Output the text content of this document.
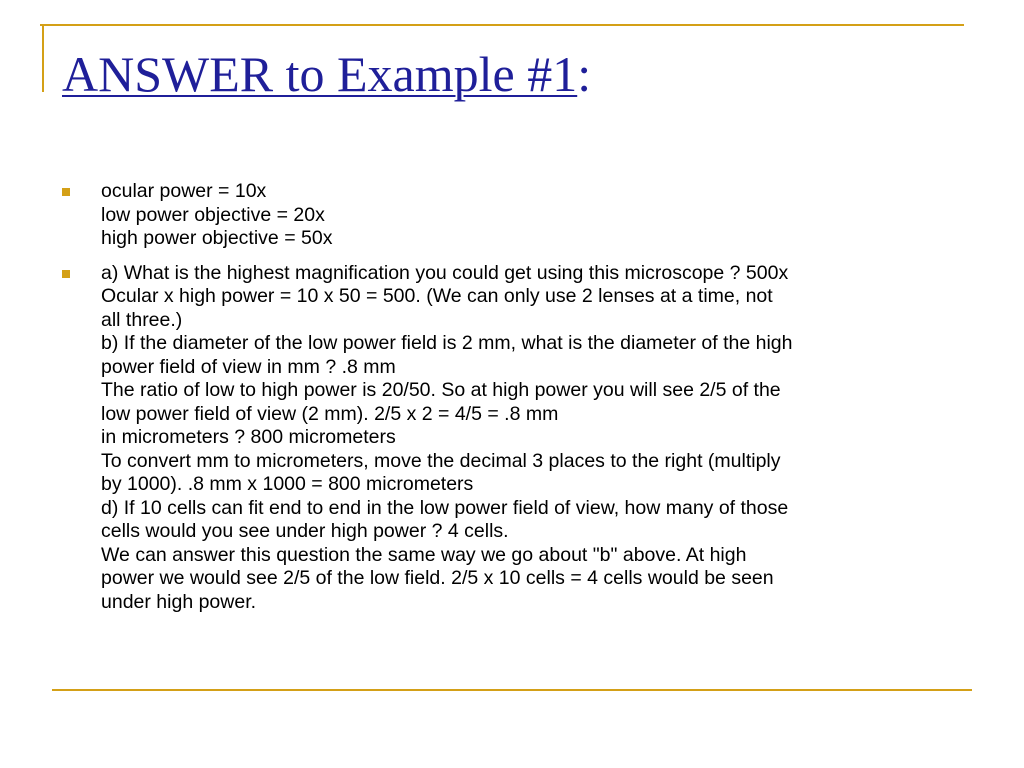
ANSWER to Example #1:
ocular power = 10x
low power objective = 20x
high power objective = 50x
a) What is the highest magnification you could get using this microscope ? 500x
Ocular x high power = 10 x 50 = 500. (We can only use 2 lenses at a time, not
all three.)
b) If the diameter of the low power field is 2 mm, what is the diameter of the high
power field of view in mm ? .8 mm
The ratio of low to high power is 20/50. So at high power you will see 2/5 of the
low power field of view (2 mm). 2/5 x 2 = 4/5 = .8 mm
in micrometers ? 800 micrometers
To convert mm to micrometers, move the decimal 3 places to the right (multiply
by 1000). .8 mm x 1000 = 800 micrometers
d) If 10 cells can fit end to end in the low power field of view, how many of those
cells would you see under high power ? 4 cells.
We can answer this question the same way we go about "b" above. At high
power we would see 2/5 of the low field. 2/5 x 10 cells = 4 cells would be seen
under high power.
